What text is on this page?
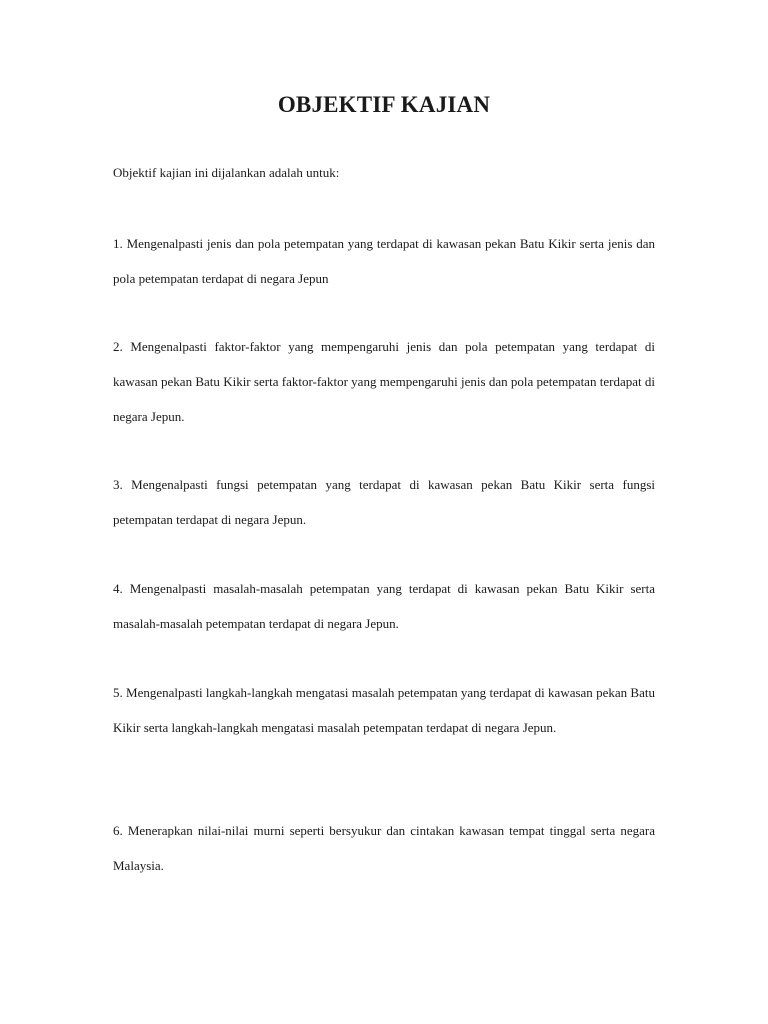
OBJEKTIF KAJIAN
Objektif kajian ini dijalankan adalah untuk:
1. Mengenalpasti jenis dan pola petempatan yang terdapat di kawasan pekan Batu Kikir serta jenis dan pola petempatan terdapat di negara Jepun
2. Mengenalpasti faktor-faktor yang mempengaruhi jenis dan pola petempatan yang terdapat di kawasan pekan Batu Kikir serta faktor-faktor yang mempengaruhi jenis dan pola petempatan terdapat di negara Jepun.
3. Mengenalpasti fungsi petempatan yang terdapat di kawasan pekan Batu Kikir serta fungsi petempatan terdapat di negara Jepun.
4. Mengenalpasti masalah-masalah petempatan yang terdapat di kawasan pekan Batu Kikir serta masalah-masalah petempatan terdapat di negara Jepun.
5. Mengenalpasti langkah-langkah mengatasi masalah petempatan yang terdapat di kawasan pekan Batu Kikir serta langkah-langkah mengatasi masalah petempatan terdapat di negara Jepun.
6. Menerapkan nilai-nilai murni seperti bersyukur dan cintakan kawasan tempat tinggal serta negara Malaysia.
